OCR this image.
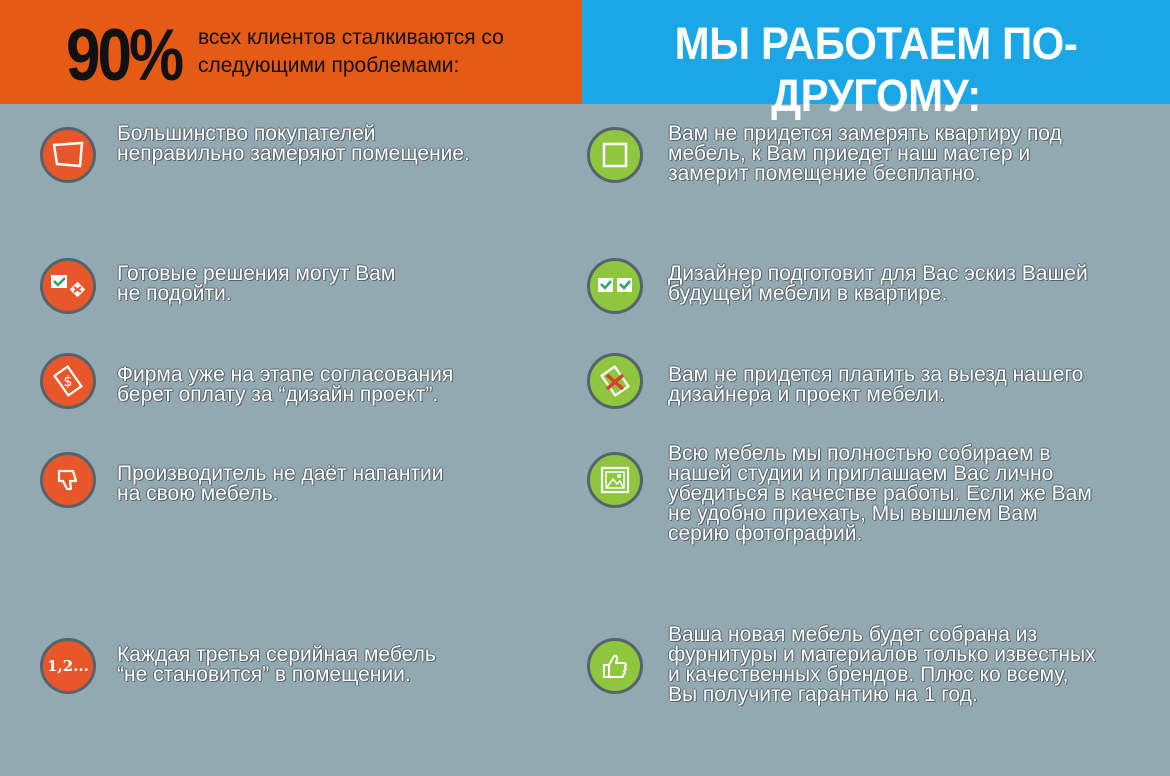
90% всех клиентов сталкиваются со
следующими проблемами:	МЫ РАБОТАЕМ ПО-ДРУГОМУ:
Большинство покупателей
неправильно замеряют помещение.
Готовые решения могут Вам
не подойти.
$ Фирма уже на этапе согласования
берет оплату за “дизайн проект”.
Производитель не даёт напантии
на свою мебель.
1,2... Каждая третья серийная мебель
“не становится” в помещении.
Вам не придется замерять квартиру под
мебель, к Вам приедет наш мастер и
замерит помещение бесплатно.
Дизайнер подготовит для Вас эскиз Вашей
будущей мебели в квартире.
Вам не придется платить за выезд нашего
дизайнера и проект мебели.
Всю мебель мы полностью собираем в
нашей студии и приглашаем Вас лично
убедиться в качестве работы. Если же Вам
не удобно приехать, Мы вышлем Вам
серию фотографий.
Ваша новая мебель будет собрана из
фурнитуры и материалов только известных
и качественных брендов. Плюс ко всему,
Вы получите гарантию на 1 год.
